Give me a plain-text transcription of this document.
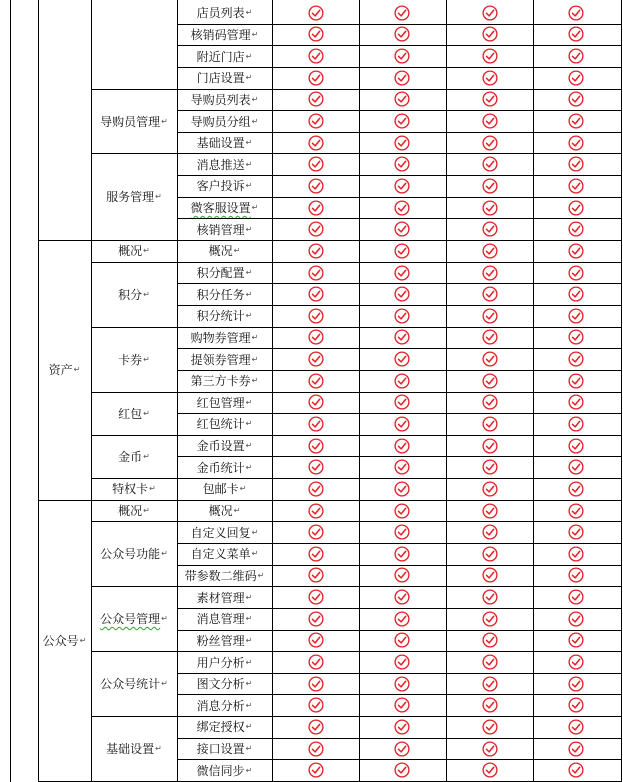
资产 ↵
公众号 ↵
导购员管理 ↵
服务管理 ↵
概况 ↵
积分 ↵
卡券 ↵
红包 ↵
金币 ↵
特权卡 ↵
概况 ↵
公众号功能 ↵
公众号管理 ↵
公众号统计 ↵
基础设置 ↵
店员列表 ↵
核销码管理 ↵
附近门店 ↵
门店设置 ↵
导购员列表 ↵
导购员分组 ↵
基础设置 ↵
消息推送 ↵
客户投诉 ↵
微客服设置 ↵
核销管理 ↵
概况 ↵
积分配置 ↵
积分任务 ↵
积分统计 ↵
购物券管理 ↵
提领券管理 ↵
第三方卡券 ↵
红包管理 ↵
红包统计 ↵
金币设置 ↵
金币统计 ↵
包邮卡 ↵
概况 ↵
自定义回复 ↵
自定义菜单 ↵
带参数二维码 ↵
素材管理 ↵
消息管理 ↵
粉丝管理 ↵
用户分析 ↵
图文分析 ↵
消息分析 ↵
绑定授权 ↵
接口设置 ↵
微信同步 ↵
